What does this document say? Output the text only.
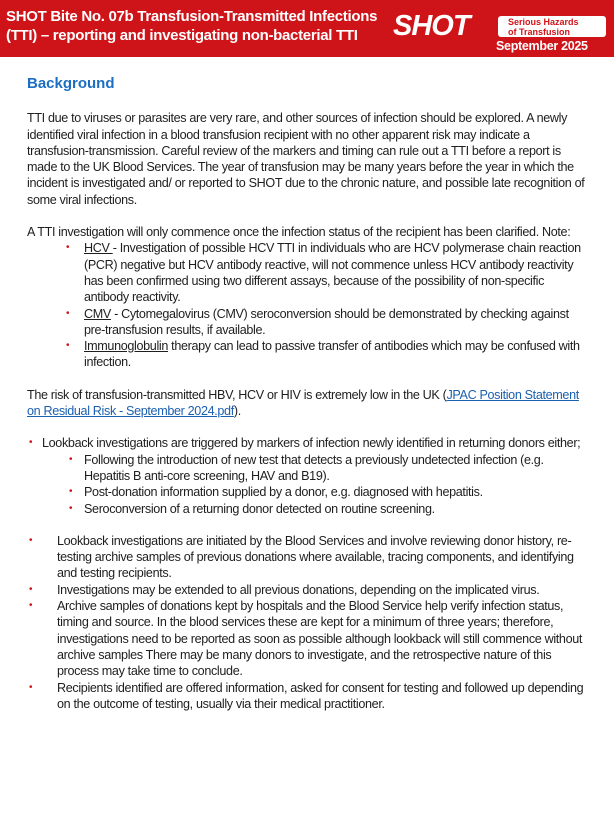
SHOT Bite No. 07b Transfusion-Transmitted Infections
(TTI) – reporting and investigating non-bacterial TTI	SHOT	Serious Hazards
of Transfusion
September 2025
Background

TTI due to viruses or parasites are very rare, and other sources of infection should be explored. A newly identified viral infection in a blood transfusion recipient with no other apparent risk may indicate a transfusion-transmission. Careful review of the markers and timing can rule out a TTI before a report is made to the UK Blood Services. The year of transfusion may be many years before the year in which the incident is investigated and/ or reported to SHOT due to the chronic nature, and possible late recognition of some viral infections.

A TTI investigation will only commence once the infection status of the recipient has been clarified. Note:

• HCV - Investigation of possible HCV TTI in individuals who are HCV polymerase chain reaction (PCR) negative but HCV antibody reactive, will not commence unless HCV antibody reactivity has been confirmed using two different assays, because of the possibility of non-specific antibody reactivity.
• CMV - Cytomegalovirus (CMV) seroconversion should be demonstrated by checking against pre-transfusion results, if available.
• Immunoglobulin therapy can lead to passive transfer of antibodies which may be confused with infection.

The risk of transfusion-transmitted HBV, HCV or HIV is extremely low in the UK (JPAC Position Statement on Residual Risk - September 2024.pdf).

• Lookback investigations are triggered by markers of infection newly identified in returning donors either;
• Following the introduction of new test that detects a previously undetected infection (e.g. Hepatitis B anti-core screening, HAV and B19).
• Post-donation information supplied by a donor, e.g. diagnosed with hepatitis.
• Seroconversion of a returning donor detected on routine screening.
• Lookback investigations are initiated by the Blood Services and involve reviewing donor history, re-testing archive samples of previous donations where available, tracing components, and identifying and testing recipients.
• Investigations may be extended to all previous donations, depending on the implicated virus.
• Archive samples of donations kept by hospitals and the Blood Service help verify infection status, timing and source. In the blood services these are kept for a minimum of three years; therefore, investigations need to be reported as soon as possible although lookback will still commence without archive samples There may be many donors to investigate, and the retrospective nature of this process may take time to conclude.
• Recipients identified are offered information, asked for consent for testing and followed up depending on the outcome of testing, usually via their medical practitioner.
